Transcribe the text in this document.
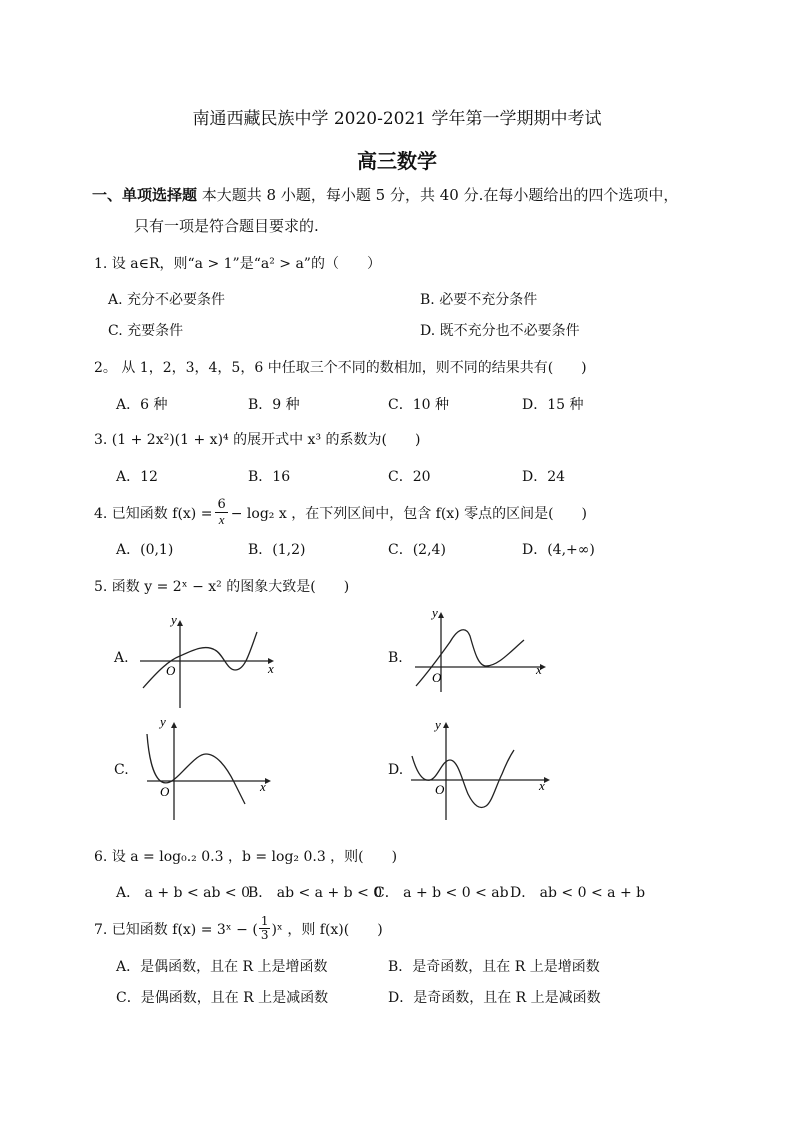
南通西藏民族中学 2020-2021 学年第一学期期中考试
高三数学
一、单项选择题 本大题共 8 小题，每小题 5 分，共 40 分.在每小题给出的四个选项中，
只有一项是符合题目要求的.
1. 设 a∈R，则“a > 1”是“a² > a”的（　　）
A. 充分不必要条件	B. 必要不充分条件
C. 充要条件	D. 既不充分也不必要条件
2。 从 1，2，3，4，5，6 中任取三个不同的数相加，则不同的结果共有(　　)
A．6 种	B．9 种	C．10 种	D．15 种
3. (1 + 2x²)(1 + x)⁴ 的展开式中 x³ 的系数为(　　)
A．12	B．16	C．20	D．24
4. 已知函数 $f(x) = \frac{6}{x} - \log_2$ x ，在下列区间中，包含 f(x) 零点的区间是(　　)
A．(0,1)	B．(1,2)	C．(2,4)	D．(4,+∞)
5. 函数 y = 2ˣ − x² 的图象大致是(　　)
A.
y
x
O
B.
y
x
O
C.
y
x
O
D.
y
x
O
6. 设 a = log₀.₂ 0.3 ，b = log₂ 0.3 ，则(　　)
A． a + b < ab < 0
B． ab < a + b < 0
C． a + b < 0 < ab D． ab < 0 < a + b
7. 已知函数 f(x) = 3ˣ − ( $\frac{1}{3}$ )ˣ ，则 f(x)(　　)
A．是偶函数，且在 R 上是增函数	B．是奇函数，且在 R 上是增函数
C．是偶函数，且在 R 上是减函数	D．是奇函数，且在 R 上是减函数
